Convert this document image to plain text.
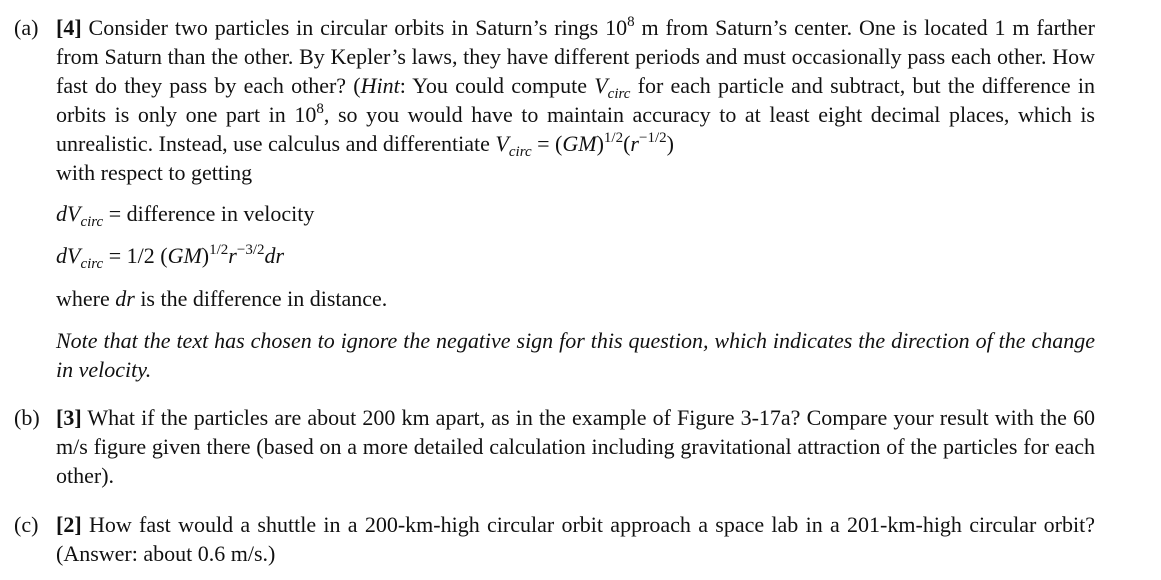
(a) [4] Consider two particles in circular orbits in Saturn’s rings $10^8$ m from Saturn’s center. One is located 1 m farther from Saturn than the other. By Kepler’s laws, they have different periods and must occasionally pass each other. How fast do they pass by each other? (Hint: You could compute $V_{circ}$ for each particle and subtract, but the difference in orbits is only one part in $10^8$, so you would have to maintain accuracy to at least eight decimal places, which is unrealistic. Instead, use calculus and differentiate $V_{circ} = (GM)^{1/2}(r^{-1/2})$
with respect to getting
$dV_{circ}$ = difference in velocity
$dV_{circ} = 1/2$ $(GM)^{1/2}r^{-3/2}dr$
where dr is the difference in distance.
Note that the text has chosen to ignore the negative sign for this question, which indicates the direction of the change in velocity.
(b) [3] What if the particles are about 200 km apart, as in the example of Figure 3-17a? Compare your result with the 60 m/s figure given there (based on a more detailed calculation including gravitational attraction of the particles for each other).
(c) [2] How fast would a shuttle in a 200-km-high circular orbit approach a space lab in a 201-km-high circular orbit? (Answer: about 0.6 m/s.)
